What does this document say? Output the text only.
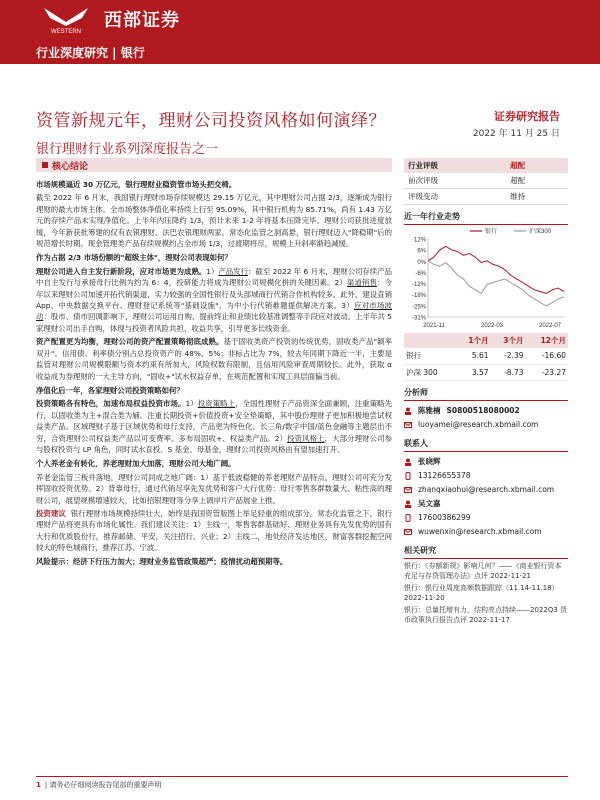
WESTERN
西部证券
行业深度研究 | 银行
资管新规元年，理财公司投资风格如何演绎？	证券研究报告
2022 年 11 月 25 日
银行理财行业系列深度报告之一
核心结论

市场规模逼近 30 万亿元，银行理财业稳资管市场头把交椅。

截至 2022 年 6 月末，我国银行理财市场存续规模达 29.15 万亿元，其中理财公司占据 2/3，逐渐成为银行理财的最大市场主体。全市场整体净值化率持续上行至 95.09%，其中银行机构为 85.71%，尚有 1.43 万亿元的存续产品未实现净值化。上半年内压降约 1/3，预计未来 1-2 年将基本压降完毕。理财公司获批进度放缓，今年新获批筹建的仅有农银理财、法巴农银理财两家。常态化监管之洞高悬，银行理财迈入"降稳期"后的规范增长时期。现金管理类产品存续规模约占全市场 1/3，过渡期将尽，规模上升斜率渐趋减缓。

作为占据 2/3 市场份额的"超级主体"，理财公司表现如何？

理财公司进入自主发行新阶段，应对市场更为成熟。1）产品发行：截至 2022 年 6 月末，理财公司存续产品中自主发行与承接母行比例为约为 6：4，投研能力将成为理财公司规模化拼的关键因素。2）渠道销售：今年以来理财公司加速开拓代销渠道，实力较强的全国性银行及头部城商行代销合作机构较多。此外，建设直销 App、中央数据交换平台、理财登记系统等"基础设施"，为中小行代销难题提供解决方案。3）应对市场波动：股市、债市回调影响下，理财公司运用自购、提前终止和业绩比较基准调整等手段应对波动。上半年共 5 家理财公司出手自购，体现与投资者风险共担、收益共享，引导更多长线资金。

资产配置更为均衡，理财公司的资产配置策略彻底成熟。基于固收类资产投资的传统优势，固收类产品"颖率双升"。信用债、利率债分别占总投资资产的 48%、5%；非标占比为 7%，较去年同期下降近一半，主要是监管对理财公司规模限额与资本约束有所加大，风险权数有限制，且信用风险审查周期较长。此外，获取 α 收益成为券理财的一大主导方向，"固收+"试水权益存单，在规范配置和实现工具层面偏当前。

净值化后一年，各家理财公司投资策略如何？

投资策略各有特色，加速布局权益投资市场。1）投资策略上，全国性理财子产品资深全面兼顾，注重策略先行，以固收类为主+混合类为辅。注重长期投资+价值投资+安全垫策略，其中股份理财子更加积极地尝试权益类产品。区域理财子基于区域优势和母行支持，产品更为特色化。长三角/数字中国/蓝色金融等主题层出不穷，合资理财公司权益类产品以可变费率、多布局固收+、权益类产品。2）投资风格上，大部分理财公司参与股权投资与 LP 角色，同时试水直投、S 基金、母基金，理财公司投资风格由有望加速打开。

个人养老金有转化，养老理财加大加落，理财公司大地广阔。

养老金监管三板并落地，理财公司同成之地广阔：1）基于低波稳健的养老理财产品特点，理财公司可充分发挥固收投资优势。2）背靠母行，通过代销尽享先发优势和客户大行优势：母行零售客群数量大、粘性高的理财公司，展望规模增速较大，比如招银理财等分享上调岸片产品展业上推。

投资建议 银行理财市场规模持续壮大，始终是我国资管版图上举足轻重的组成部分。常态化监管之下，银行理财产品将更具有市场化属性。我们建议关注：1）主线一，零售客群基础好、理财业务具有先发优势的国有大行和优质股份行，推荐邮储、平安，关注招行、兴业；2）主线二，地处经济发达地区，财富客群挖掘空间较大的特色城商行，推荐江苏、宁波。

风险提示：经济下行压力加大；理财业务监管政策超严；疫情扰动超预期等。

行业评级	超配
前次评级	超配
评级变动	维持
近一年行业走势
12%
6%
0%
-6%
-12%
-18%
-25%
-31%
2021-11	2022-03	2022-07
银行	沪深300
	1个月	3个月	12个月
银行	5.61	-2.39	-16.60
沪深 300	3.57	-8.73	-23.27
分析师
陈雅楠 S0800518080002
luoyamei@research.xbmail.com
联系人
张晓辉
13126655378
zhanqxiaohui@research.xbmail.com
吴文嘉
17600386299
wuwenxin@research.xbmail.com
相关研究
银行：《券额新规》影响几何？——《商业银行资本充足与存贷管理办法》点评 2022-11-21
银行：银行业周度高频数据跟踪（11.14-11.18） 2022-11-20
银行：总量托增有力，结构亮点持续——2022Q3 货币政策执行报告点评 2022-11-17
1 | 请务必仔细阅读报告尾部的重要声明
